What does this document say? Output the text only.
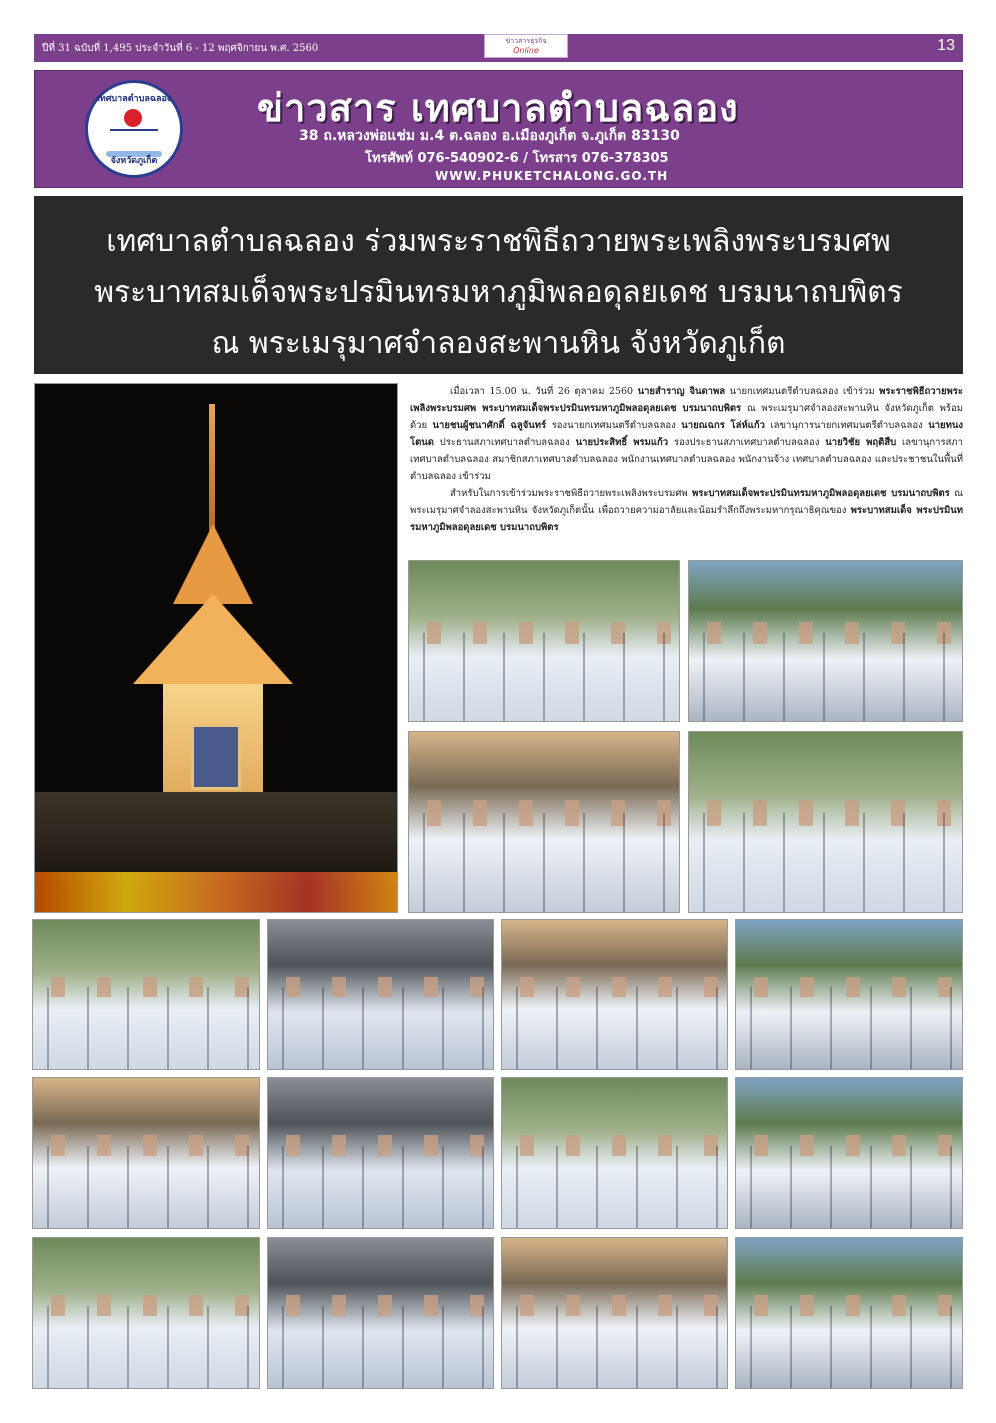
ปีที่ 31 ฉบับที่ 1,495 ประจำวันที่ 6 - 12 พฤศจิกายน พ.ศ. 2560
ข่าวสารธุรกิจ
Online	13
เทศบาลตำบลฉลอง
จังหวัดภูเก็ต
ข่าวสาร เทศบาลตำบลฉลอง
38 ถ.หลวงพ่อแช่ม ม.4 ต.ฉลอง อ.เมืองภูเก็ต จ.ภูเก็ต 83130
โทรศัพท์ 076-540902-6 / โทรสาร 076-378305
WWW.PHUKETCHALONG.GO.TH
เทศบาลตำบลฉลอง ร่วมพระราชพิธีถวายพระเพลิงพระบรมศพ
พระบาทสมเด็จพระปรมินทรมหาภูมิพลอดุลยเดช บรมนาถบพิตร
ณ พระเมรุมาศจำลองสะพานหิน จังหวัดภูเก็ต

เมื่อเวลา 15.00 น. วันที่ 26 ตุลาคม 2560 นายสำราญ จินดาพล นายกเทศมนตรีตำบลฉลอง เข้าร่วม พระราชพิธีถวายพระเพลิงพระบรมศพ พระบาทสมเด็จพระปรมินทรมหาภูมิพลอดุลยเดช บรมนาถบพิตร ณ พระเมรุมาศจำลองสะพานหิน จังหวัดภูเก็ต พร้อมด้วย นายชนผู้ชนาศักดิ์ ฉลูจันทร์ รองนายกเทศมนตรีตำบลฉลอง นายณฉกร โล่ห์แก้ว เลขานุการนายกเทศมนตรีตำบลฉลอง นายทนง โตนด ประธานสภาเทศบาลตำบลฉลอง นายประสิทธิ์ พรมแก้ว รองประธานสภาเทศบาลตำบลฉลอง นายวิชัย พฤติสืบ เลขานุการสภาเทศบาลตำบลฉลอง สมาชิกสภาเทศบาลตำบลฉลอง พนักงานเทศบาลตำบลฉลอง พนักงานจ้าง เทศบาลตำบลฉลอง และประชาชนในพื้นที่ตำบลฉลอง เข้าร่วม

สำหรับในการเข้าร่วมพระราชพิธีถวายพระเพลิงพระบรมศพ พระบาทสมเด็จพระปรมินทรมหาภูมิพลอดุลยเดช บรมนาถบพิตร ณ พระเมรุมาศจำลองสะพานหิน จังหวัดภูเก็ตนั้น เพื่อถวายความอาลัยและน้อมรำลึกถึงพระมหากรุณาธิคุณของ พระบาทสมเด็จ พระปรมินทรมหาภูมิพลอดุลยเดช บรมนาถบพิตร
